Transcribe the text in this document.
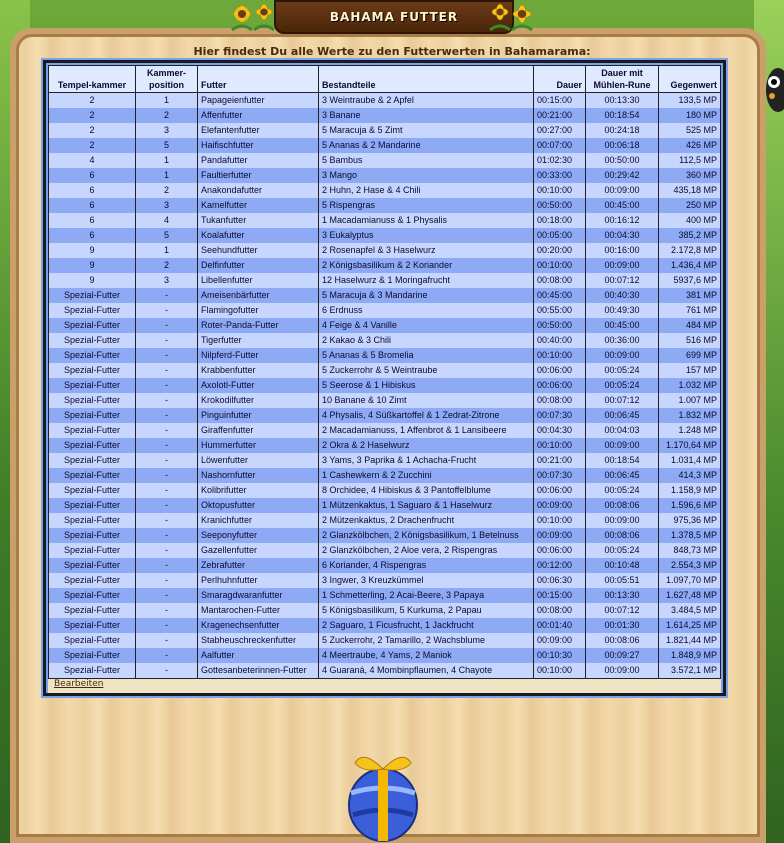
BAHAMA FUTTER
Hier findest Du alle Werte zu den Futterwerten in Bahamarama:
Tempel-kammer	Kammer-position	Futter	Bestandteile	Dauer	Dauer mit Mühlen-Rune	Gegenwert
2	1	Papageienfutter	3 Weintraube & 2 Apfel	00:15:00	00:13:30	133,5 MP
2	2	Affenfutter	3 Banane	00:21:00	00:18:54	180 MP
2	3	Elefantenfutter	5 Maracuja & 5 Zimt	00:27:00	00:24:18	525 MP
2	5	Haifischfutter	5 Ananas & 2 Mandarine	00:07:00	00:06:18	426 MP
4	1	Pandafutter	5 Bambus	01:02:30	00:50:00	112,5 MP
6	1	Faultierfutter	3 Mango	00:33:00	00:29:42	360 MP
6	2	Anakondafutter	2 Huhn, 2 Hase & 4 Chili	00:10:00	00:09:00	435,18 MP
6	3	Kamelfutter	5 Rispengras	00:50:00	00:45:00	250 MP
6	4	Tukanfutter	1 Macadamianuss & 1 Physalis	00:18:00	00:16:12	400 MP
6	5	Koalafutter	3 Eukalyptus	00:05:00	00:04:30	385,2 MP
9	1	Seehundfutter	2 Rosenapfel & 3 Haselwurz	00:20:00	00:16:00	2.172,8 MP
9	2	Delfinfutter	2 Königsbasilikum & 2 Koriander	00:10:00	00:09:00	1.436,4 MP
9	3	Libellenfutter	12 Haselwurz & 1 Moringafrucht	00:08:00	00:07:12	5937,6 MP
Spezial-Futter	-	Ameisenbärfutter	5 Maracuja & 3 Mandarine	00:45:00	00:40:30	381 MP
Spezial-Futter	-	Flamingofutter	6 Erdnuss	00:55:00	00:49:30	761 MP
Spezial-Futter	-	Roter-Panda-Futter	4 Feige & 4 Vanille	00:50:00	00:45:00	484 MP
Spezial-Futter	-	Tigerfutter	2 Kakao & 3 Chili	00:40:00	00:36:00	516 MP
Spezial-Futter	-	Nilpferd-Futter	5 Ananas & 5 Bromelia	00:10:00	00:09:00	699 MP
Spezial-Futter	-	Krabbenfutter	5 Zuckerrohr & 5 Weintraube	00:06:00	00:05:24	157 MP
Spezial-Futter	-	Axolotl-Futter	5 Seerose & 1 Hibiskus	00:06:00	00:05:24	1.032 MP
Spezial-Futter	-	Krokodilfutter	10 Banane & 10 Zimt	00:08:00	00:07:12	1.007 MP
Spezial-Futter	-	Pinguinfutter	4 Physalis, 4 Süßkartoffel & 1 Zedrat-Zitrone	00:07:30	00:06:45	1.832 MP
Spezial-Futter	-	Giraffenfutter	2 Macadamianuss, 1 Affenbrot & 1 Lansibeere	00:04:30	00:04:03	1.248 MP
Spezial-Futter	-	Hummerfutter	2 Okra & 2 Haselwurz	00:10:00	00:09:00	1.170,64 MP
Spezial-Futter	-	Löwenfutter	3 Yams, 3 Paprika & 1 Achacha-Frucht	00:21:00	00:18:54	1.031,4 MP
Spezial-Futter	-	Nashornfutter	1 Cashewkern & 2 Zucchini	00:07:30	00:06:45	414,3 MP
Spezial-Futter	-	Kolibrifutter	8 Orchidee, 4 Hibiskus & 3 Pantoffelblume	00:06:00	00:05:24	1.158,9 MP
Spezial-Futter	-	Oktopusfutter	1 Mützenkaktus, 1 Saguaro & 1 Haselwurz	00:09:00	00:08:06	1.596,6 MP
Spezial-Futter	-	Kranichfutter	2 Mützenkaktus, 2 Drachenfrucht	00:10:00	00:09:00	975,36 MP
Spezial-Futter	-	Seeponyfutter	2 Glanzkölbchen, 2 Königsbasilikum, 1 Betelnuss	00:09:00	00:08:06	1.378,5 MP
Spezial-Futter	-	Gazellenfutter	2 Glanzkölbchen, 2 Aloe vera, 2 Rispengras	00:06:00	00:05:24	848,73 MP
Spezial-Futter	-	Zebrafutter	6 Koriander, 4 Rispengras	00:12:00	00:10:48	2.554,3 MP
Spezial-Futter	-	Perlhuhnfutter	3 Ingwer, 3 Kreuzkümmel	00:06:30	00:05:51	1.097,70 MP
Spezial-Futter	-	Smaragdwaranfutter	1 Schmetterling, 2 Acai-Beere, 3 Papaya	00:15:00	00:13:30	1.627,48 MP
Spezial-Futter	-	Mantarochen-Futter	5 Königsbasilikum, 5 Kurkuma, 2 Papau	00:08:00	00:07:12	3.484,5 MP
Spezial-Futter	-	Kragenechsenfutter	2 Saguaro, 1 Ficusfrucht, 1 Jackfrucht	00:01:40	00:01:30	1.614,25 MP
Spezial-Futter	-	Stabheuschreckenfutter	5 Zuckerrohr, 2 Tamarillo, 2 Wachsblume	00:09:00	00:08:06	1.821,44 MP
Spezial-Futter	-	Aalfutter	4 Meertraube, 4 Yams, 2 Maniok	00:10:30	00:09:27	1.848,9 MP
Spezial-Futter	-	Gottesanbeterinnen-Futter	4 Guaraná, 4 Mombinpflaumen, 4 Chayote	00:10:00	00:09:00	3.572,1 MP
Bearbeiten
